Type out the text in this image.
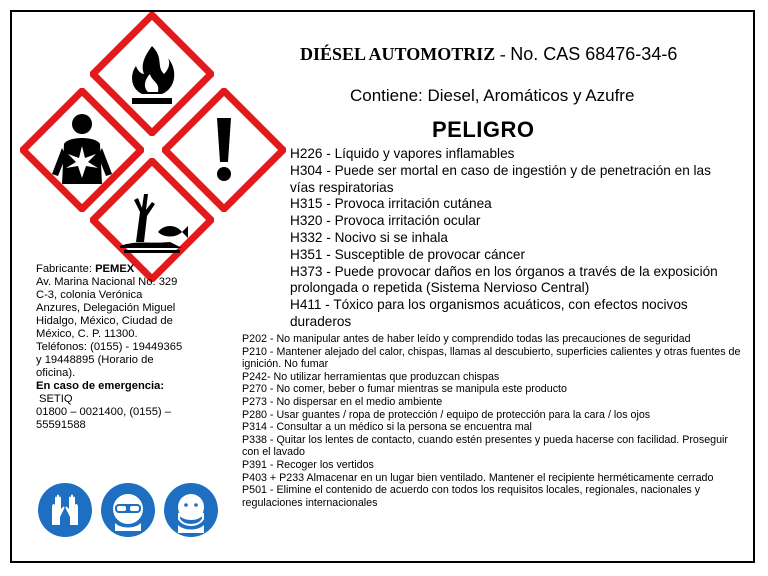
DIÉSEL AUTOMOTRIZ - No. CAS 68476-34-6
Contiene: Diesel, Aromáticos y Azufre
PELIGRO
H226 - Líquido y vapores inflamables
H304 - Puede ser mortal en caso de ingestión y de penetración en las vías respiratorias
H315 - Provoca irritación cutánea
H320 - Provoca irritación ocular
H332 - Nocivo si se inhala
H351 - Susceptible de provocar cáncer
H373 - Puede provocar daños en los órganos a través de la exposición prolongada o repetida (Sistema Nervioso Central)
H411 - Tóxico para los organismos acuáticos, con efectos nocivos duraderos
Fabricante: PEMEX
Av. Marina Nacional No. 329 C-3, colonia Verónica Anzures, Delegación Miguel Hidalgo, México, Ciudad de México, C. P. 11300.
Teléfonos: (0155) - 19449365 y 19448895 (Horario de oficina).
En caso de emergencia:
SETIQ
01800 – 0021400, (0155) – 55591588
P202 - No manipular antes de haber leído y comprendido todas las precauciones de seguridad
P210 - Mantener alejado del calor, chispas, llamas al descubierto, superficies calientes y otras fuentes de ignición. No fumar
P242- No utilizar herramientas que produzcan chispas
P270 - No comer, beber o fumar mientras se manipula este producto
P273 - No dispersar en el medio ambiente
P280 - Usar guantes / ropa de protección / equipo de protección para la cara / los ojos
P314 - Consultar a un médico si la persona se encuentra mal
P338 - Quitar los lentes de contacto, cuando estén presentes y pueda hacerse con facilidad. Proseguir con el lavado
P391 - Recoger los vertidos
P403 + P233 Almacenar en un lugar bien ventilado. Mantener el recipiente herméticamente cerrado
P501 - Elimine el contenido de acuerdo con todos los requisitos locales, regionales, nacionales y regulaciones internacionales
